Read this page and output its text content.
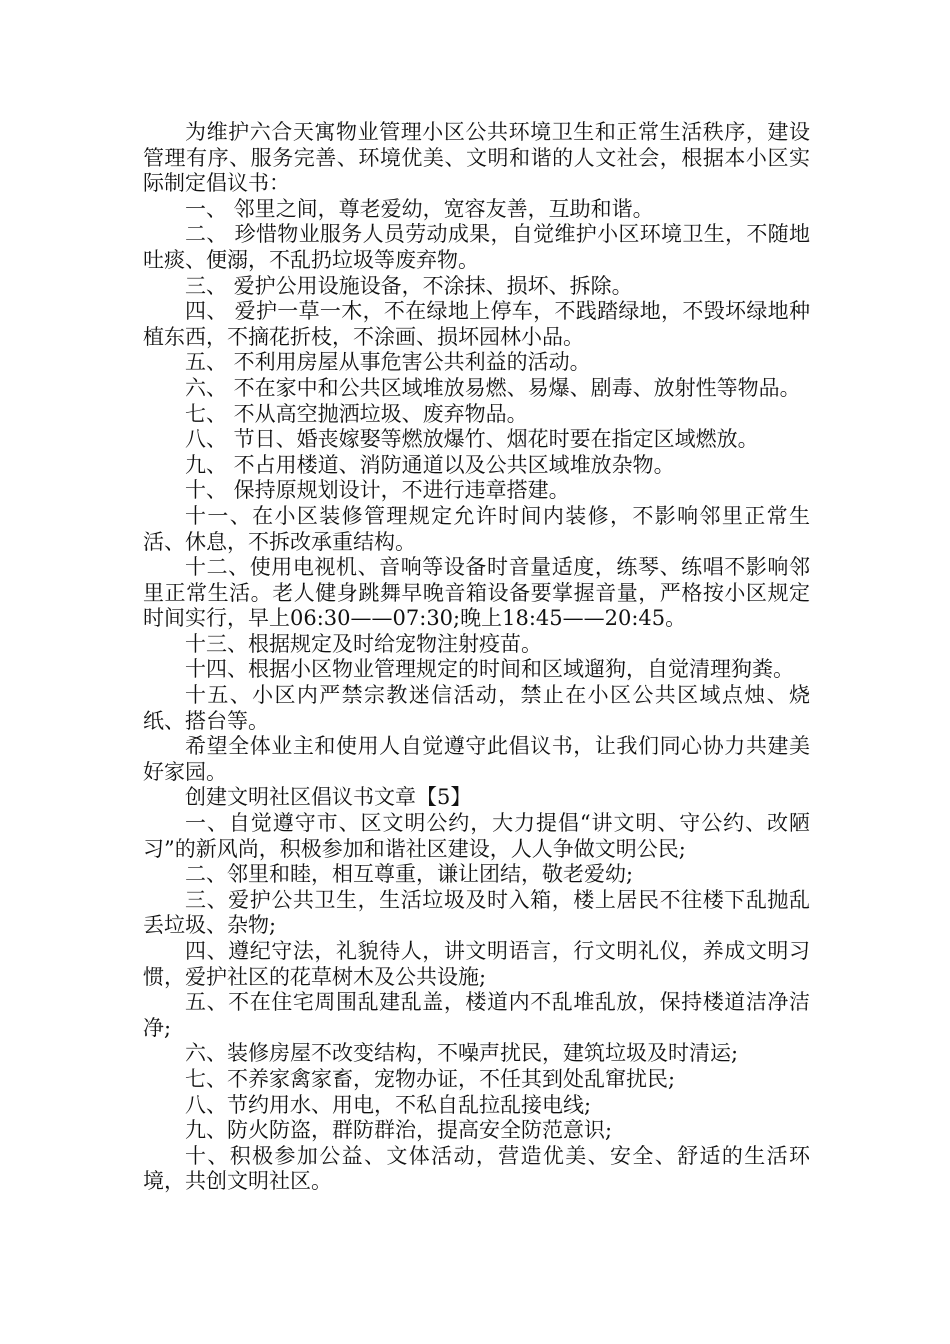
为维护六合天寓物业管理小区公共环境卫生和正常生活秩序，建设管理有序、服务完善、环境优美、文明和谐的人文社会，根据本小区实际制定倡议书：

一、 邻里之间，尊老爱幼，宽容友善，互助和谐。

二、 珍惜物业服务人员劳动成果，自觉维护小区环境卫生，不随地吐痰、便溺，不乱扔垃圾等废弃物。

三、 爱护公用设施设备，不涂抹、损坏、拆除。

四、 爱护一草一木，不在绿地上停车，不践踏绿地，不毁坏绿地种植东西，不摘花折枝，不涂画、损坏园林小品。

五、 不利用房屋从事危害公共利益的活动。

六、 不在家中和公共区域堆放易燃、易爆、剧毒、放射性等物品。

七、 不从高空抛洒垃圾、废弃物品。

八、 节日、婚丧嫁娶等燃放爆竹、烟花时要在指定区域燃放。

九、 不占用楼道、消防通道以及公共区域堆放杂物。

十、 保持原规划设计，不进行违章搭建。

十一、在小区装修管理规定允许时间内装修，不影响邻里正常生活、休息，不拆改承重结构。

十二、使用电视机、音响等设备时音量适度，练琴、练唱不影响邻里正常生活。老人健身跳舞早晚音箱设备要掌握音量，严格按小区规定时间实行，早上06:30——07:30;晚上18:45——20:45。

十三、根据规定及时给宠物注射疫苗。

十四、根据小区物业管理规定的时间和区域遛狗，自觉清理狗粪。

十五、小区内严禁宗教迷信活动，禁止在小区公共区域点烛、烧纸、搭台等。

希望全体业主和使用人自觉遵守此倡议书，让我们同心协力共建美好家园。

创建文明社区倡议书文章【5】

一、自觉遵守市、区文明公约，大力提倡“讲文明、守公约、改陋习”的新风尚，积极参加和谐社区建设，人人争做文明公民;

二、邻里和睦，相互尊重，谦让团结，敬老爱幼;

三、爱护公共卫生，生活垃圾及时入箱，楼上居民不往楼下乱抛乱丢垃圾、杂物;

四、遵纪守法，礼貌待人，讲文明语言，行文明礼仪，养成文明习惯，爱护社区的花草树木及公共设施;

五、不在住宅周围乱建乱盖，楼道内不乱堆乱放，保持楼道洁净洁净;

六、装修房屋不改变结构，不噪声扰民，建筑垃圾及时清运;

七、不养家禽家畜，宠物办证，不任其到处乱窜扰民;

八、节约用水、用电，不私自乱拉乱接电线;

九、防火防盗，群防群治，提高安全防范意识;

十、积极参加公益、文体活动，营造优美、安全、舒适的生活环境，共创文明社区。
